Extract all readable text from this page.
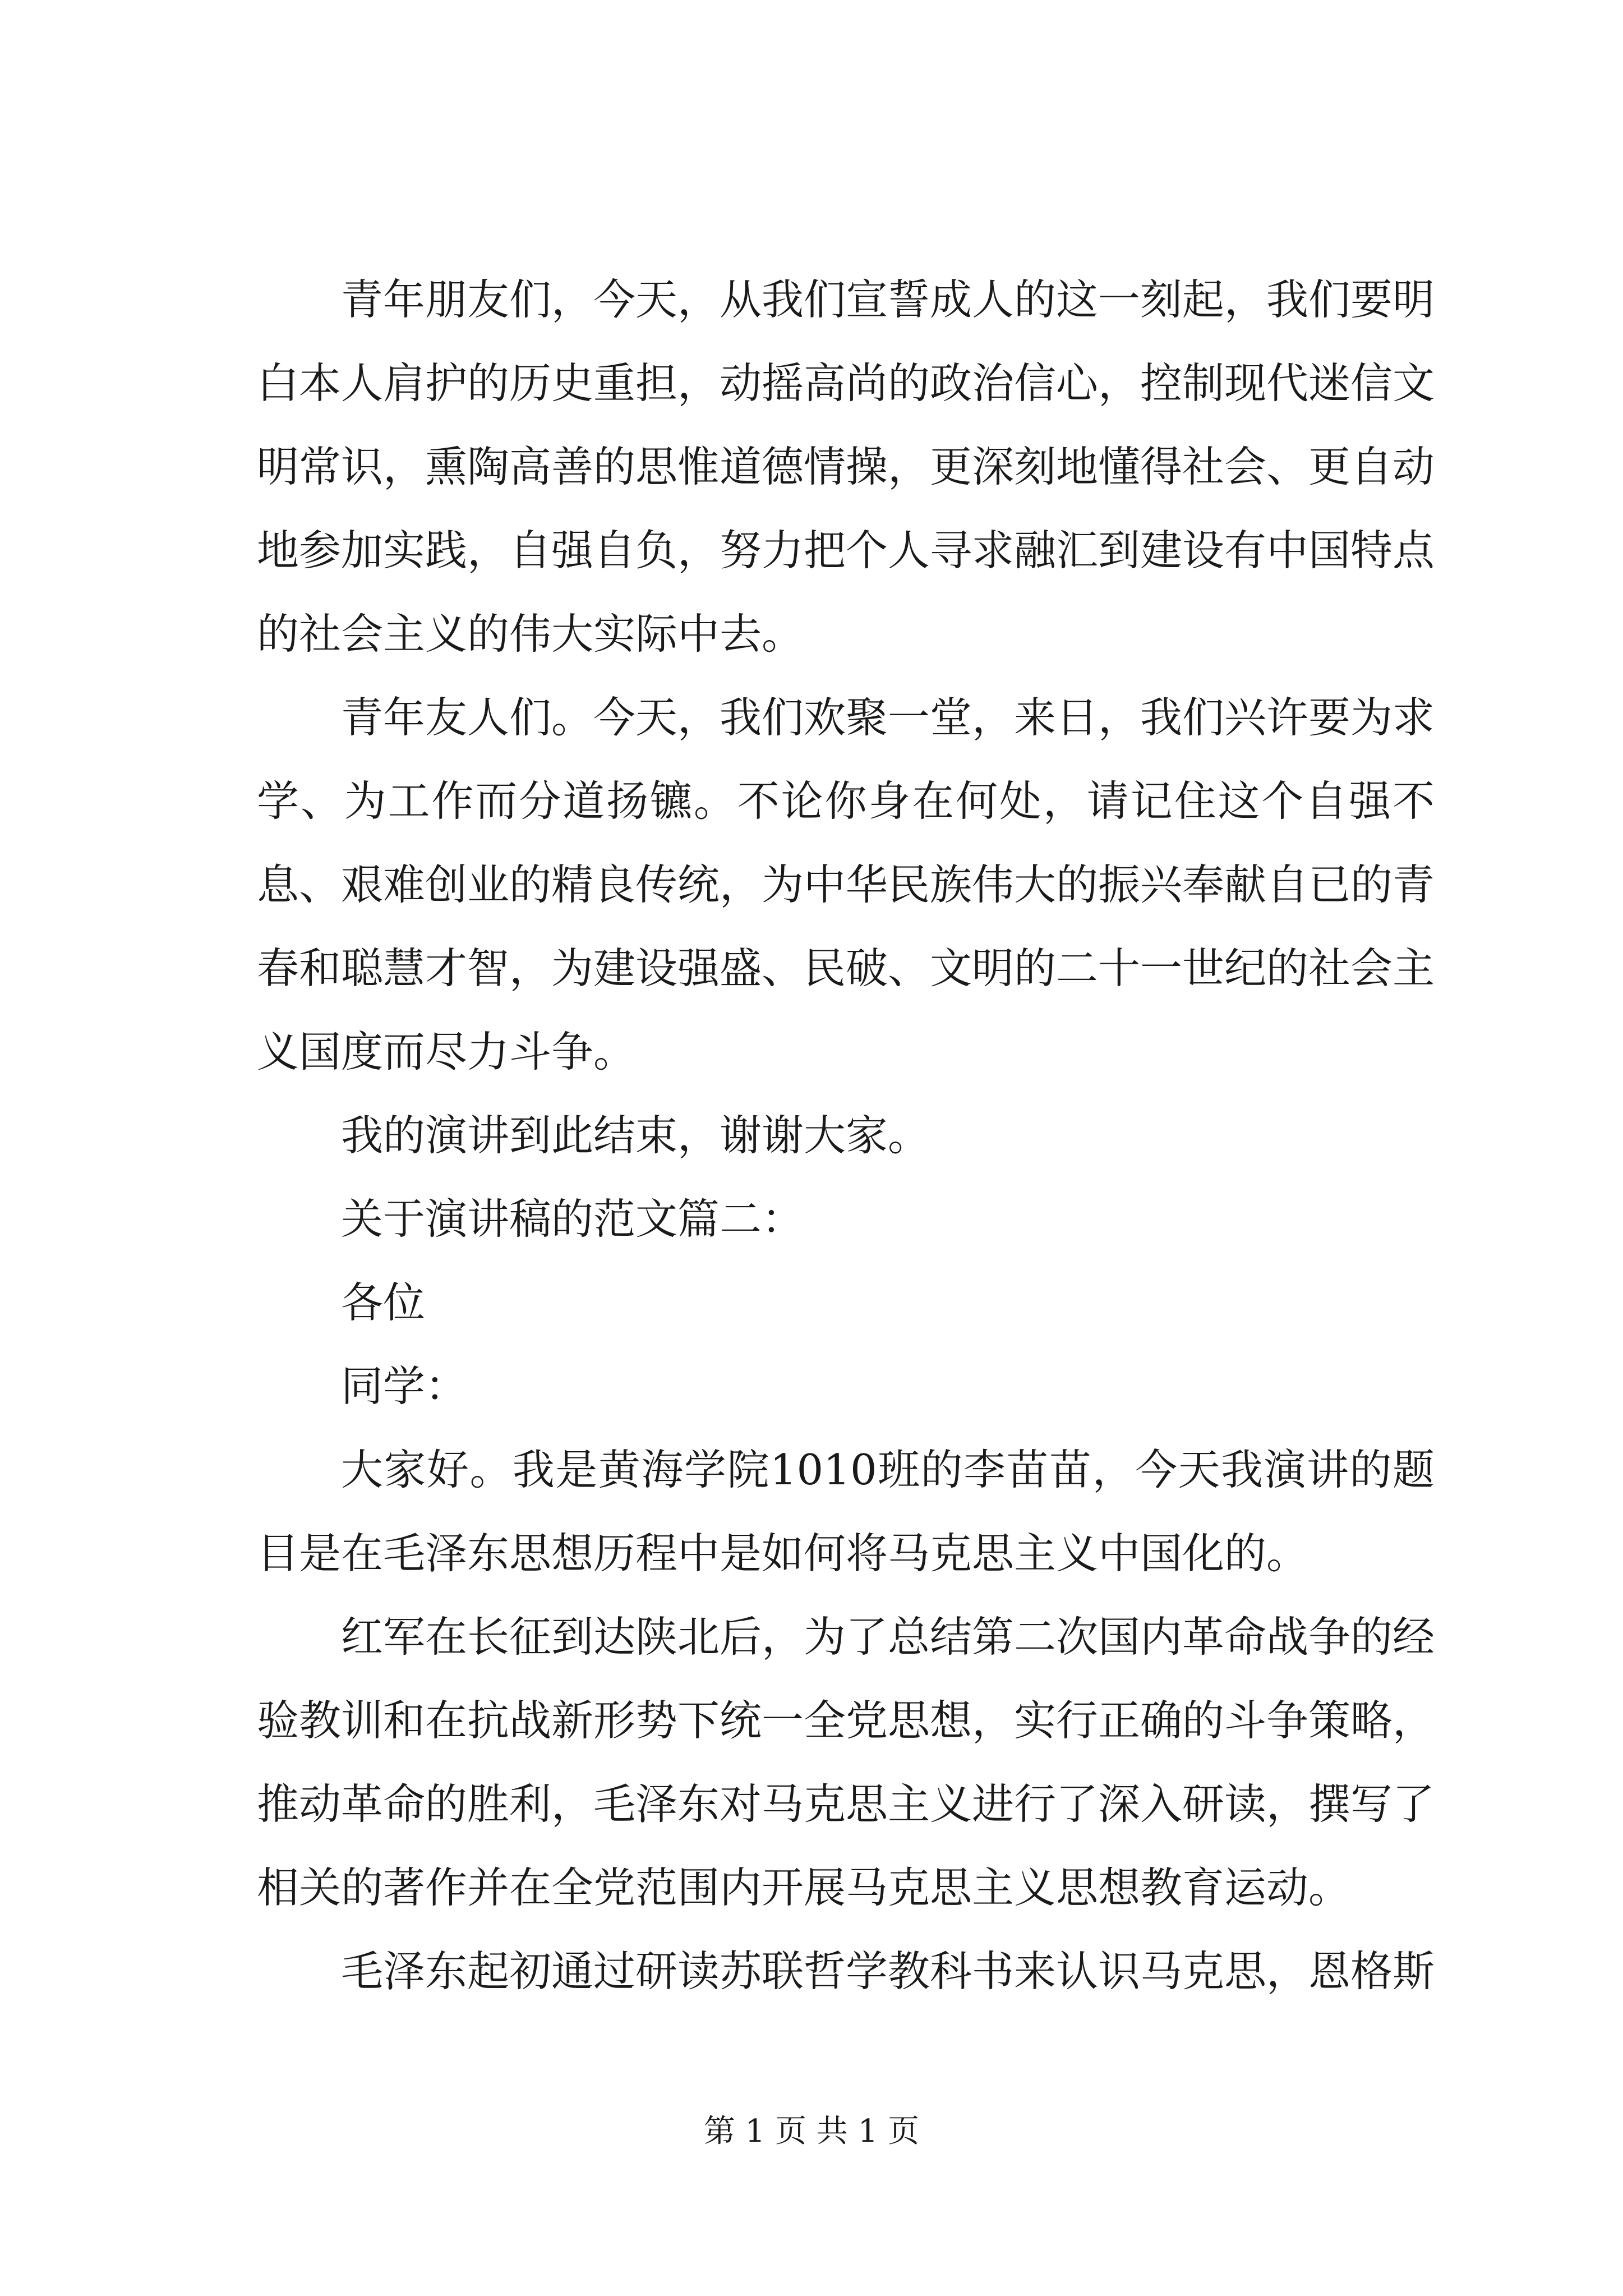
青年朋友们，今天，从我们宣誓成人的这一刻起，我们要明白本人肩护的历史重担，动摇高尚的政治信心，控制现代迷信文明常识，熏陶高善的思惟道德情操，更深刻地懂得社会、更自动地参加实践，自强自负，努力把个人寻求融汇到建设有中国特点的社会主义的伟大实际中去。

青年友人们。今天，我们欢聚一堂，来日，我们兴许要为求学、为工作而分道扬镳。不论你身在何处，请记住这个自强不息、艰难创业的精良传统，为中华民族伟大的振兴奉献自已的青春和聪慧才智，为建设强盛、民破、文明的二十一世纪的社会主义国度而尽力斗争。

我的演讲到此结束，谢谢大家。

关于演讲稿的范文篇二：

各位

同学：

大家好。我是黄海学院1010班的李苗苗，今天我演讲的题目是在毛泽东思想历程中是如何将马克思主义中国化的。

红军在长征到达陕北后，为了总结第二次国内革命战争的经验教训和在抗战新形势下统一全党思想，实行正确的斗争策略，推动革命的胜利，毛泽东对马克思主义进行了深入研读，撰写了相关的著作并在全党范围内开展马克思主义思想教育运动。

毛泽东起初通过研读苏联哲学教科书来认识马克思，恩格斯

第 1 页 共 1 页
